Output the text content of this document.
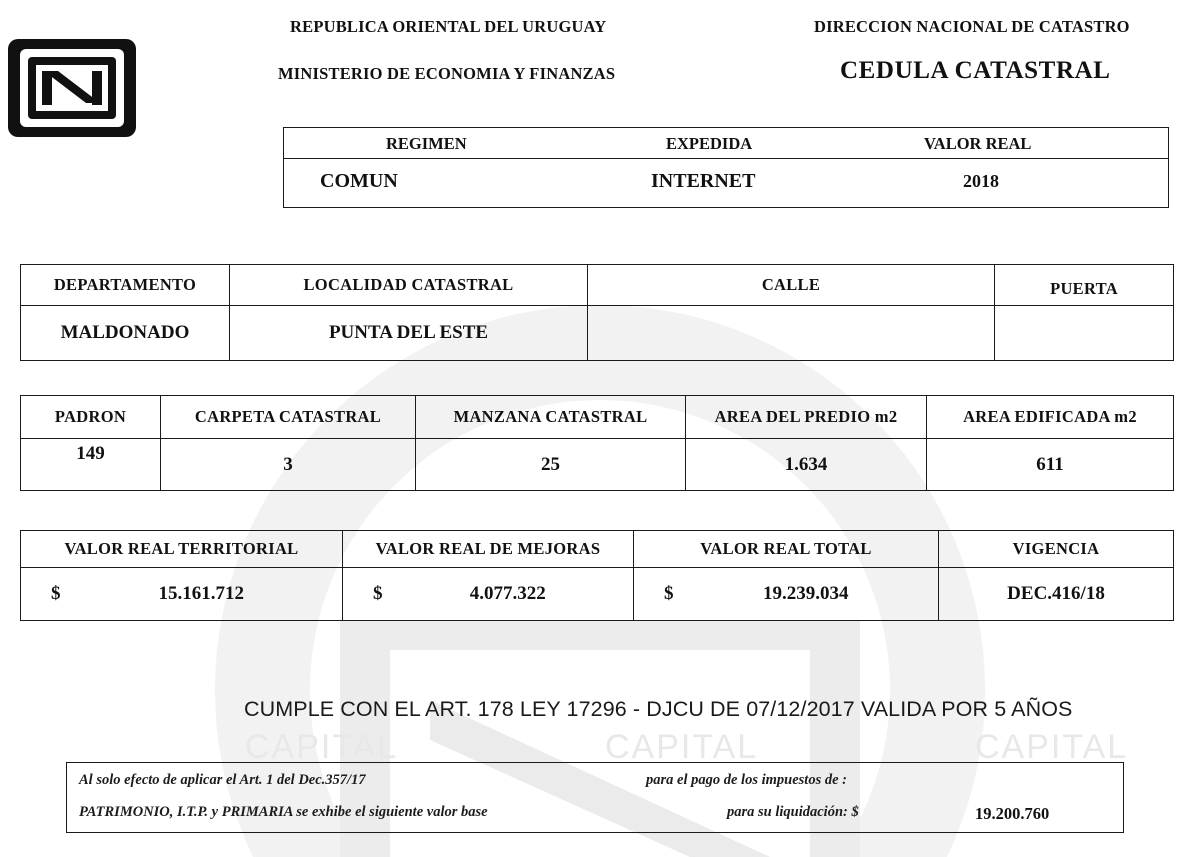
CAPITAL	CAPITAL	CAPITAL
REPUBLICA ORIENTAL DEL URUGUAY
MINISTERIO DE ECONOMIA Y FINANZAS
DIRECCION NACIONAL DE CATASTRO
CEDULA CATASTRAL
REGIMEN	EXPEDIDA	VALOR REAL
COMUN	INTERNET	2018
DEPARTAMENTO	LOCALIDAD CATASTRAL	CALLE	PUERTA
MALDONADO	PUNTA DEL ESTE		
PADRON	CARPETA CATASTRAL	MANZANA CATASTRAL	AREA DEL PREDIO m2	AREA EDIFICADA m2
149	3	25	1.634	611
VALOR REAL TERRITORIAL	VALOR REAL DE MEJORAS	VALOR REAL TOTAL	VIGENCIA

$ 15.161.712	$ 4.077.322	$ 19.239.034	DEC.416/18
CUMPLE CON EL ART. 178 LEY 17296 - DJCU DE 07/12/2017 VALIDA POR 5 AÑOS
Al solo efecto de aplicar el Art. 1 del Dec.357/17	para el pago de los impuestos de :
PATRIMONIO, I.T.P. y PRIMARIA se exhibe el siguiente valor base	para su liquidación: $	19.200.760
